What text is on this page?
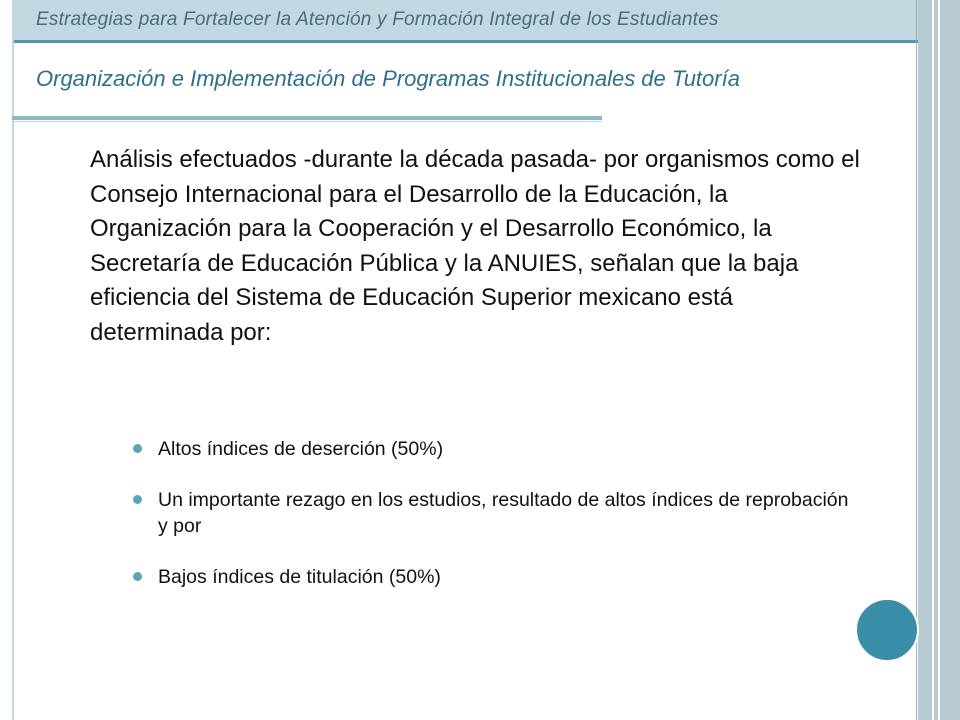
Estrategias para Fortalecer la Atención y Formación Integral de los Estudiantes
Organización e Implementación de Programas Institucionales de Tutoría
Análisis efectuados -durante la década pasada- por organismos como el Consejo Internacional para el Desarrollo de la Educación, la Organización para la Cooperación y el Desarrollo Económico, la Secretaría de Educación Pública y la ANUIES, señalan que la baja eficiencia del Sistema de Educación Superior mexicano está determinada por:
Altos índices de deserción (50%)
Un importante rezago en los estudios, resultado de altos índices de reprobación y por
Bajos índices de titulación (50%)
